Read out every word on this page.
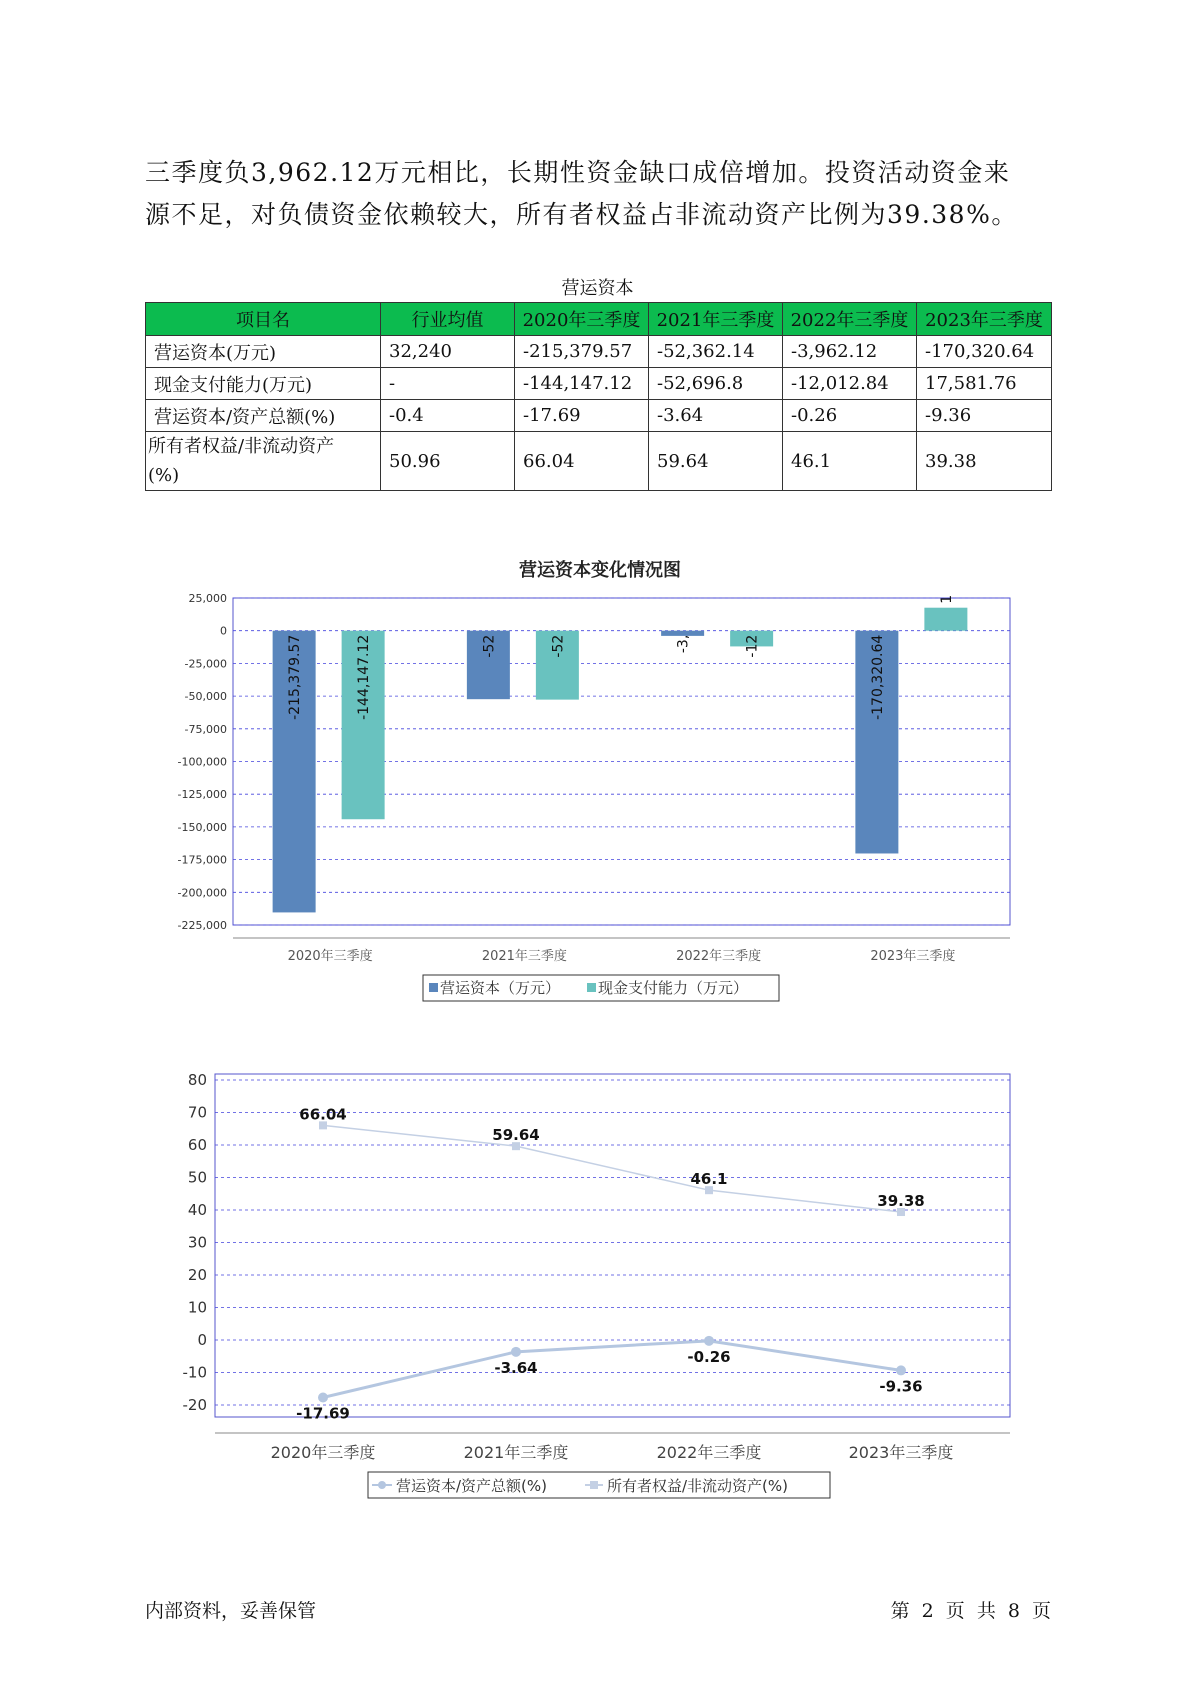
三季度负3,962.12万元相比，长期性资金缺口成倍增加。投资活动资金来

源不足，对负债资金依赖较大，所有者权益占非流动资产比例为39.38%。

营运资本
项目名	行业均值	2020年三季度	2021年三季度	2022年三季度	2023年三季度
营运资本(万元)	32,240	-215,379.57	-52,362.14	-3,962.12	-170,320.64
现金支付能力(万元)	-	-144,147.12	-52,696.8	-12,012.84	17,581.76
营运资本/资产总额(%)	-0.4	-17.69	-3.64	-0.26	-9.36

所有者权益/非流动资产
(%)	50.96	66.04	59.64	46.1	39.38
营运资本变化情况图
25,000
0
-25,000
-50,000
-75,000
-100,000
-125,000
-150,000
-175,000
-200,000
-225,000
2020年三季度
-215,379.57	-144,147.12
2021年三季度
-52	-52
2022年三季度
-3,	-12
2023年三季度
-170,320.64
1
营运资本（万元）	现金支付能力（万元）
80
70
60
50
40
30
20
10
0
-10
-20
2020年三季度	2021年三季度	2022年三季度	2023年三季度
-17.69
-3.64
-0.26
-9.36
66.04
59.64
46.1
39.38
营运资本/资产总额(%)	所有者权益/非流动资产(%)
内部资料，妥善保管	第 2 页 共 8 页
